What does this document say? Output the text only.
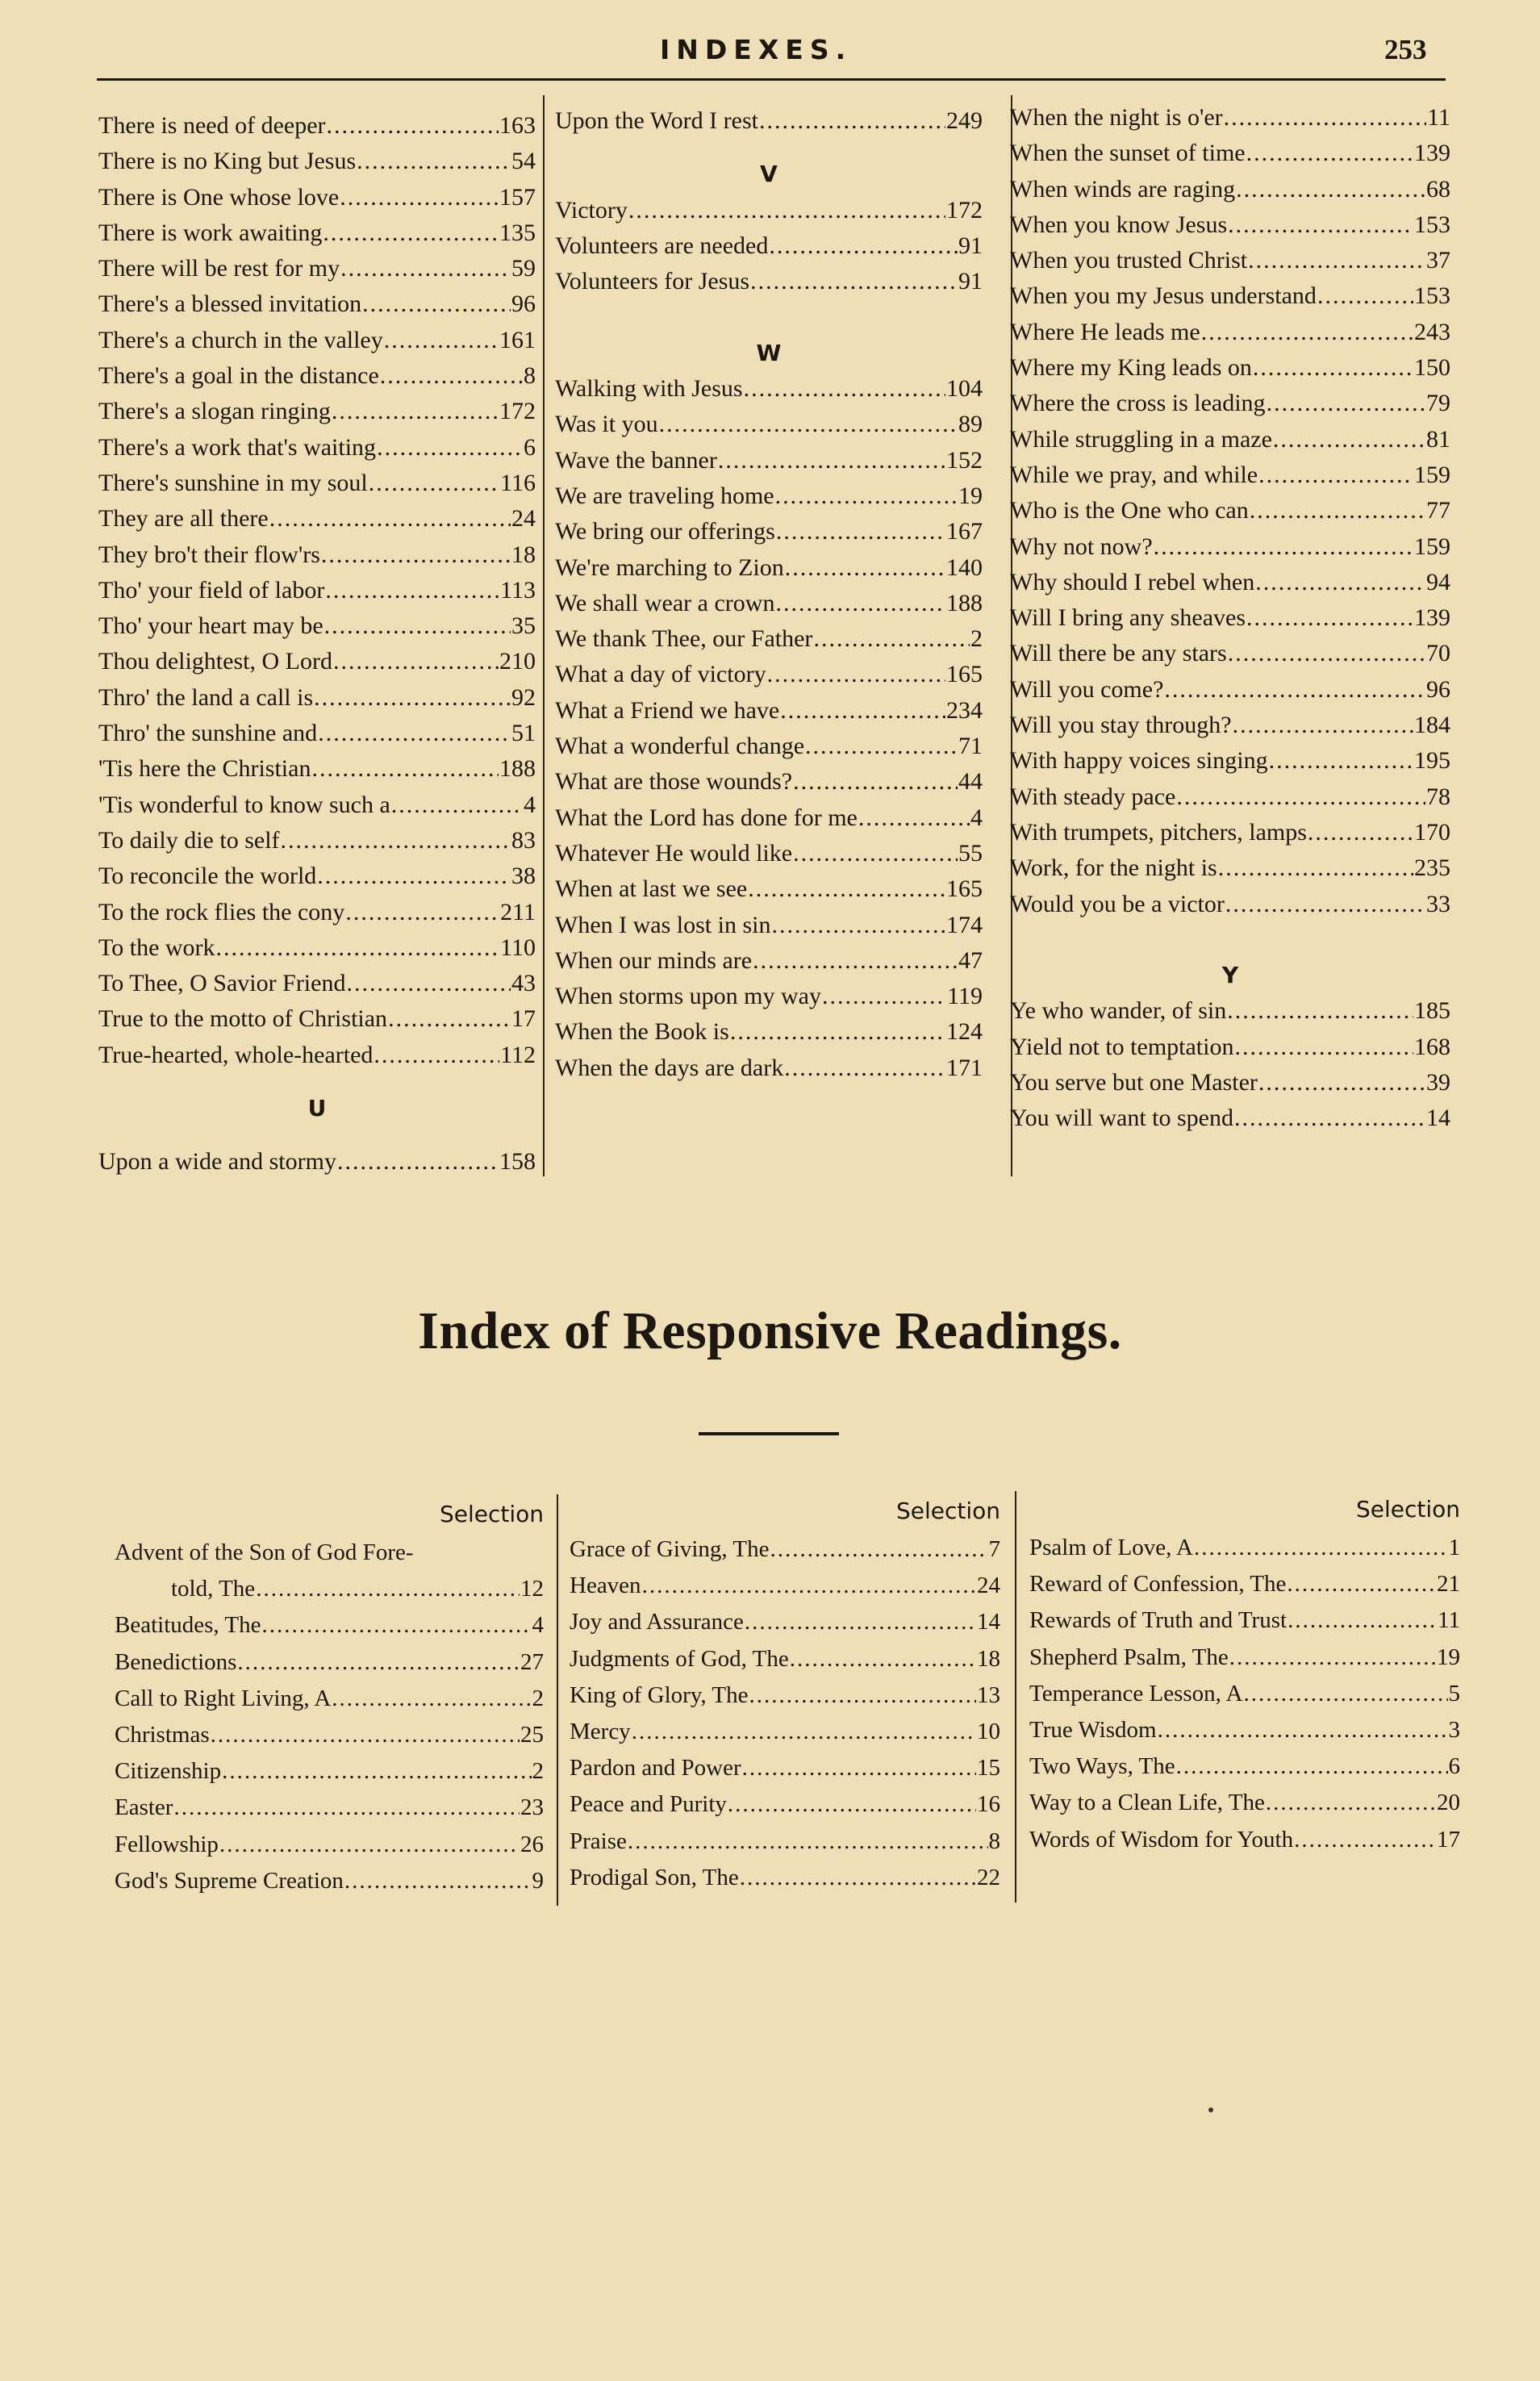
INDEXES.	253
There is need of deeper .....	163
There is no King but Jesus .....	54
There is One whose love .....	157
There is work awaiting .....	135
There will be rest for my .....	59
There's a blessed invitation .....	96
There's a church in the valley .....	161
There's a goal in the distance .....	8
There's a slogan ringing .....	172
There's a work that's waiting .....	6
There's sunshine in my soul .....	116
They are all there .....	24
They bro't their flow'rs .....	18
Tho' your field of labor .....	113
Tho' your heart may be .....	35
Thou delightest, O Lord .....	210
Thro' the land a call is .....	92
Thro' the sunshine and .....	51
'Tis here the Christian .....	188
'Tis wonderful to know such a .....	4
To daily die to self .....	83
To reconcile the world .....	38
To the rock flies the cony .....	211
To the work .....	110
To Thee, O Savior Friend .....	43
True to the motto of Christian .....	17
True-hearted, whole-hearted .....	112
U
Upon a wide and stormy .....	158
Upon the Word I rest .....	249
V
Victory .....	172
Volunteers are needed .....	91
Volunteers for Jesus .....	91
W
Walking with Jesus .....	104
Was it you .....	89
Wave the banner .....	152
We are traveling home .....	19
We bring our offerings .....	167
We're marching to Zion .....	140
We shall wear a crown .....	188
We thank Thee, our Father .....	2
What a day of victory .....	165
What a Friend we have .....	234
What a wonderful change .....	71
What are those wounds? .....	44
What the Lord has done for me .....	4
Whatever He would like .....	55
When at last we see .....	165
When I was lost in sin .....	174
When our minds are .....	47
When storms upon my way .....	119
When the Book is .....	124
When the days are dark .....	171
When the night is o'er .....	11
When the sunset of time .....	139
When winds are raging .....	68
When you know Jesus .....	153
When you trusted Christ .....	37
When you my Jesus understand .....	153
Where He leads me .....	243
Where my King leads on .....	150
Where the cross is leading .....	79
While struggling in a maze .....	81
While we pray, and while .....	159
Who is the One who can .....	77
Why not now? .....	159
Why should I rebel when .....	94
Will I bring any sheaves .....	139
Will there be any stars .....	70
Will you come? .....	96
Will you stay through? .....	184
With happy voices singing .....	195
With steady pace .....	78
With trumpets, pitchers, lamps .....	170
Work, for the night is .....	235
Would you be a victor .....	33
Y
Ye who wander, of sin .....	185
Yield not to temptation .....	168
You serve but one Master .....	39
You will want to spend .....	14
Index of Responsive Readings.
Selection
Advent of the Son of God Fore-
told, The .....	12
Beatitudes, The .....	4
Benedictions .....	27
Call to Right Living, A .....	2
Christmas .....	25
Citizenship .....	2
Easter .....	23
Fellowship .....	26
God's Supreme Creation .....	9
Selection
Grace of Giving, The .....	7
Heaven .....	24
Joy and Assurance .....	14
Judgments of God, The .....	18
King of Glory, The .....	13
Mercy .....	10
Pardon and Power .....	15
Peace and Purity .....	16
Praise .....	8
Prodigal Son, The .....	22
Selection
Psalm of Love, A .....	1
Reward of Confession, The .....	21
Rewards of Truth and Trust .....	11
Shepherd Psalm, The .....	19
Temperance Lesson, A .....	5
True Wisdom .....	3
Two Ways, The .....	6
Way to a Clean Life, The .....	20
Words of Wisdom for Youth .....	17
